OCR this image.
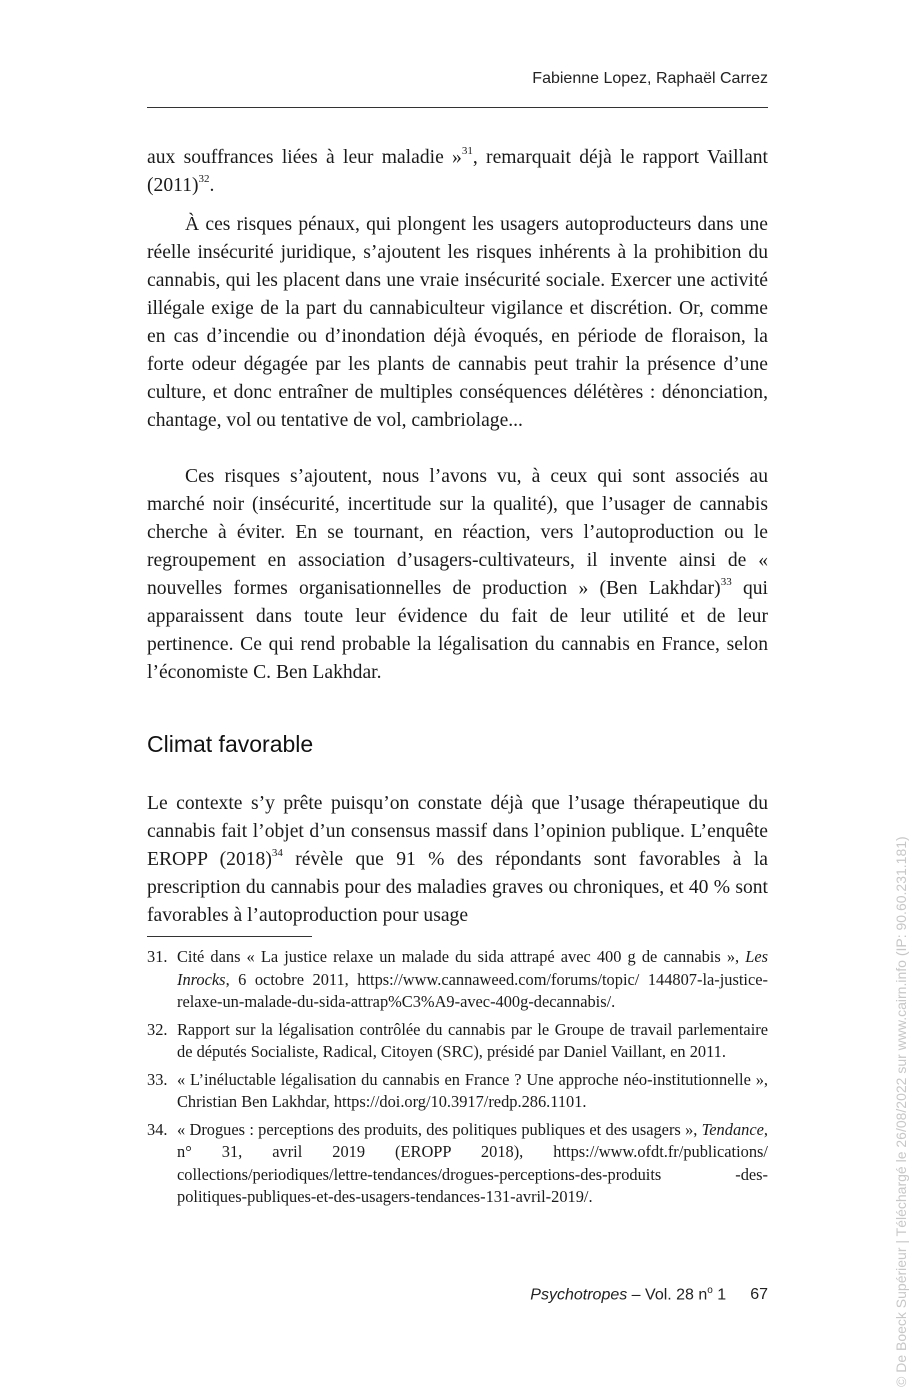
Fabienne Lopez, Raphaël Carrez

aux souffrances liées à leur maladie »$^{31}$, remarquait déjà le rapport Vaillant $(2011)^{32}$.

À ces risques pénaux, qui plongent les usagers autoproducteurs dans une réelle insécurité juridique, s’ajoutent les risques inhérents à la prohibition du cannabis, qui les placent dans une vraie insécurité sociale. Exercer une activité illégale exige de la part du cannabiculteur vigilance et discrétion. Or, comme en cas d’incendie ou d’inondation déjà évoqués, en période de floraison, la forte odeur dégagée par les plants de cannabis peut trahir la présence d’une culture, et donc entraîner de multiples conséquences délétères : dénonciation, chantage, vol ou tentative de vol, cambriolage...

Ces risques s’ajoutent, nous l’avons vu, à ceux qui sont associés au marché noir (insécurité, incertitude sur la qualité), que l’usager de cannabis cherche à éviter. En se tournant, en réaction, vers l’autoproduction ou le regroupement en association d’usagers-cultivateurs, il invente ainsi de « nouvelles formes organisationnelles de production » (Ben Lakhdar)$^{33}$ qui apparaissent dans toute leur évidence du fait de leur utilité et de leur pertinence. Ce qui rend probable la légalisation du cannabis en France, selon l’économiste C. Ben Lakhdar.

Climat favorable

Le contexte s’y prête puisqu’on constate déjà que l’usage thérapeutique du cannabis fait l’objet d’un consensus massif dans l’opinion publique. L’enquête EROPP $(2018)^{34}$ révèle que 91 % des répondants sont favorables à la prescription du cannabis pour des maladies graves ou chroniques, et 40 % sont favorables à l’autoproduction pour usage

31. Cité dans « La justice relaxe un malade du sida attrapé avec 400 g de cannabis », Les Inrocks, 6 octobre 2011, https://www.cannaweed.com/forums/topic/ 144807-la-justice-relaxe-un-malade-du-sida-attrap%C3%A9-avec-400g-decannabis/.
32. Rapport sur la légalisation contrôlée du cannabis par le Groupe de travail parlementaire de députés Socialiste, Radical, Citoyen (SRC), présidé par Daniel Vaillant, en 2011.
33. « L’inéluctable légalisation du cannabis en France ? Une approche néo-institutionnelle », Christian Ben Lakhdar, https://doi.org/10.3917/redp.286.1101.
34. « Drogues : perceptions des produits, des politiques publiques et des usagers », Tendance, n° 31, avril 2019 (EROPP 2018), https://www.ofdt.fr/publications/ collections/periodiques/lettre-tendances/drogues-perceptions-des-produits -des-politiques-publiques-et-des-usagers-tendances-131-avril-2019/.
Psychotropes – Vol. 28 $n^o$ 1 67	© De Boeck Supérieur | Téléchargé le 26/08/2022 sur www.cairn.info (IP: 90.60.231.181)
